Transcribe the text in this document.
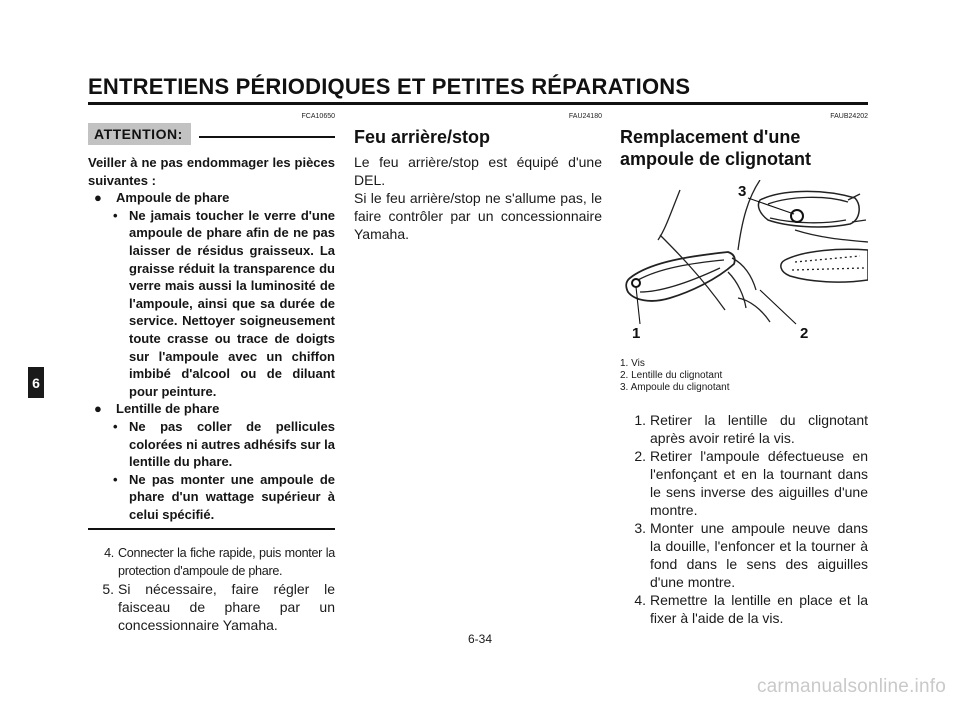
ENTRETIENS PÉRIODIQUES ET PETITES RÉPARATIONS
6
FCA10650
ATTENTION:

Veiller à ne pas endommager les pièces suivantes :

●	Ampoule de phare
• Ne jamais toucher le verre d'une ampoule de phare afin de ne pas laisser de résidus graisseux. La graisse réduit la transparence du verre mais aussi la luminosité de l'ampoule, ainsi que sa durée de service. Nettoyer soigneusement toute crasse ou trace de doigts sur l'ampoule avec un chiffon imbibé d'alcool ou de diluant pour peinture.
●	Lentille de phare
• Ne pas coller de pellicules colorées ni autres adhésifs sur la lentille du phare.
• Ne pas monter une ampoule de phare d'un wattage supérieur à celui spécifié.
4. Connecter la fiche rapide, puis monter la protection d'ampoule de phare.
5. Si nécessaire, faire régler le faisceau de phare par un concessionnaire Yamaha.
FAU24180
Feu arrière/stop

Le feu arrière/stop est équipé d'une DEL.

Si le feu arrière/stop ne s'allume pas, le faire contrôler par un concessionnaire Yamaha.

FAUB24202
Remplacement d'une
ampoule de clignotant
1	2
3
1. Vis
2. Lentille du clignotant
3. Ampoule du clignotant
1. Retirer la lentille du clignotant après avoir retiré la vis.
2. Retirer l'ampoule défectueuse en l'enfonçant et en la tournant dans le sens inverse des aiguilles d'une montre.
3. Monter une ampoule neuve dans la douille, l'enfoncer et la tourner à fond dans le sens des aiguilles d'une montre.
4. Remettre la lentille en place et la fixer à l'aide de la vis.
6-34
carmanualsonline.info
